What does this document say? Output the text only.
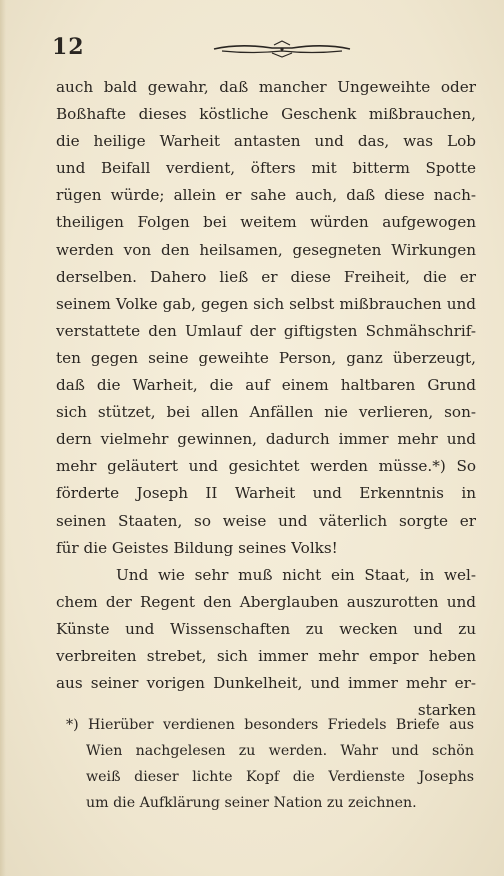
12
auch bald gewahr, daß mancher Ungeweihte oder
Boßhafte dieses köstliche Geschenk mißbrauchen,
die heilige Warheit antasten und das, was Lob
und Beifall verdient, öfters mit bitterm Spotte
rügen würde; allein er sahe auch, daß diese nach-
theiligen Folgen bei weitem würden aufgewogen
werden von den heilsamen, gesegneten Wirkungen
derselben. Dahero ließ er diese Freiheit, die er
seinem Volke gab, gegen sich selbst mißbrauchen und
verstattete den Umlauf der giftigsten Schmähschrif-
ten gegen seine geweihte Person, ganz überzeugt,
daß die Warheit, die auf einem haltbaren Grund
sich stützet, bei allen Anfällen nie verlieren, son-
dern vielmehr gewinnen, dadurch immer mehr und
mehr geläutert und gesichtet werden müsse.*) So
förderte Joseph II Warheit und Erkenntnis in
seinen Staaten, so weise und väterlich sorgte er
für die Geistes Bildung seines Volks!
Und wie sehr muß nicht ein Staat, in wel-
chem der Regent den Aberglauben auszurotten und
Künste und Wissenschaften zu wecken und zu
verbreiten strebet, sich immer mehr empor heben
aus seiner vorigen Dunkelheit, und immer mehr er-
starken
*) Hierüber verdienen besonders Friedels Briefe aus
Wien nachgelesen zu werden. Wahr und schön
weiß dieser lichte Kopf die Verdienste Josephs
um die Aufklärung seiner Nation zu zeichnen.
